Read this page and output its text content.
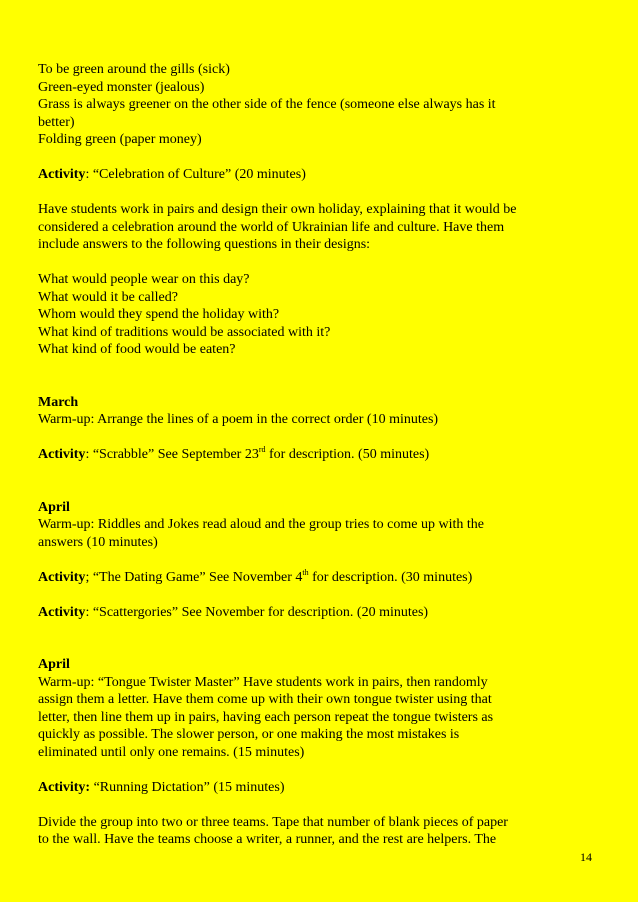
To be green around the gills (sick)
Green-eyed monster (jealous)
Grass is always greener on the other side of the fence (someone else always has it
better)
Folding green (paper money)
Activity: “Celebration of Culture” (20 minutes)
Have students work in pairs and design their own holiday, explaining that it would be
considered a celebration around the world of Ukrainian life and culture. Have them
include answers to the following questions in their designs:
What would people wear on this day?
What would it be called?
Whom would they spend the holiday with?
What kind of traditions would be associated with it?
What kind of food would be eaten?
March
Warm-up: Arrange the lines of a poem in the correct order (10 minutes)
Activity: “Scrabble” See September 23rd for description. (50 minutes)
April
Warm-up: Riddles and Jokes read aloud and the group tries to come up with the
answers (10 minutes)
Activity; “The Dating Game” See November 4th for description. (30 minutes)
Activity: “Scattergories” See November for description. (20 minutes)
April
Warm-up: “Tongue Twister Master” Have students work in pairs, then randomly
assign them a letter. Have them come up with their own tongue twister using that
letter, then line them up in pairs, having each person repeat the tongue twisters as
quickly as possible. The slower person, or one making the most mistakes is
eliminated until only one remains. (15 minutes)
Activity: “Running Dictation” (15 minutes)
Divide the group into two or three teams. Tape that number of blank pieces of paper
to the wall. Have the teams choose a writer, a runner, and the rest are helpers. The
14
